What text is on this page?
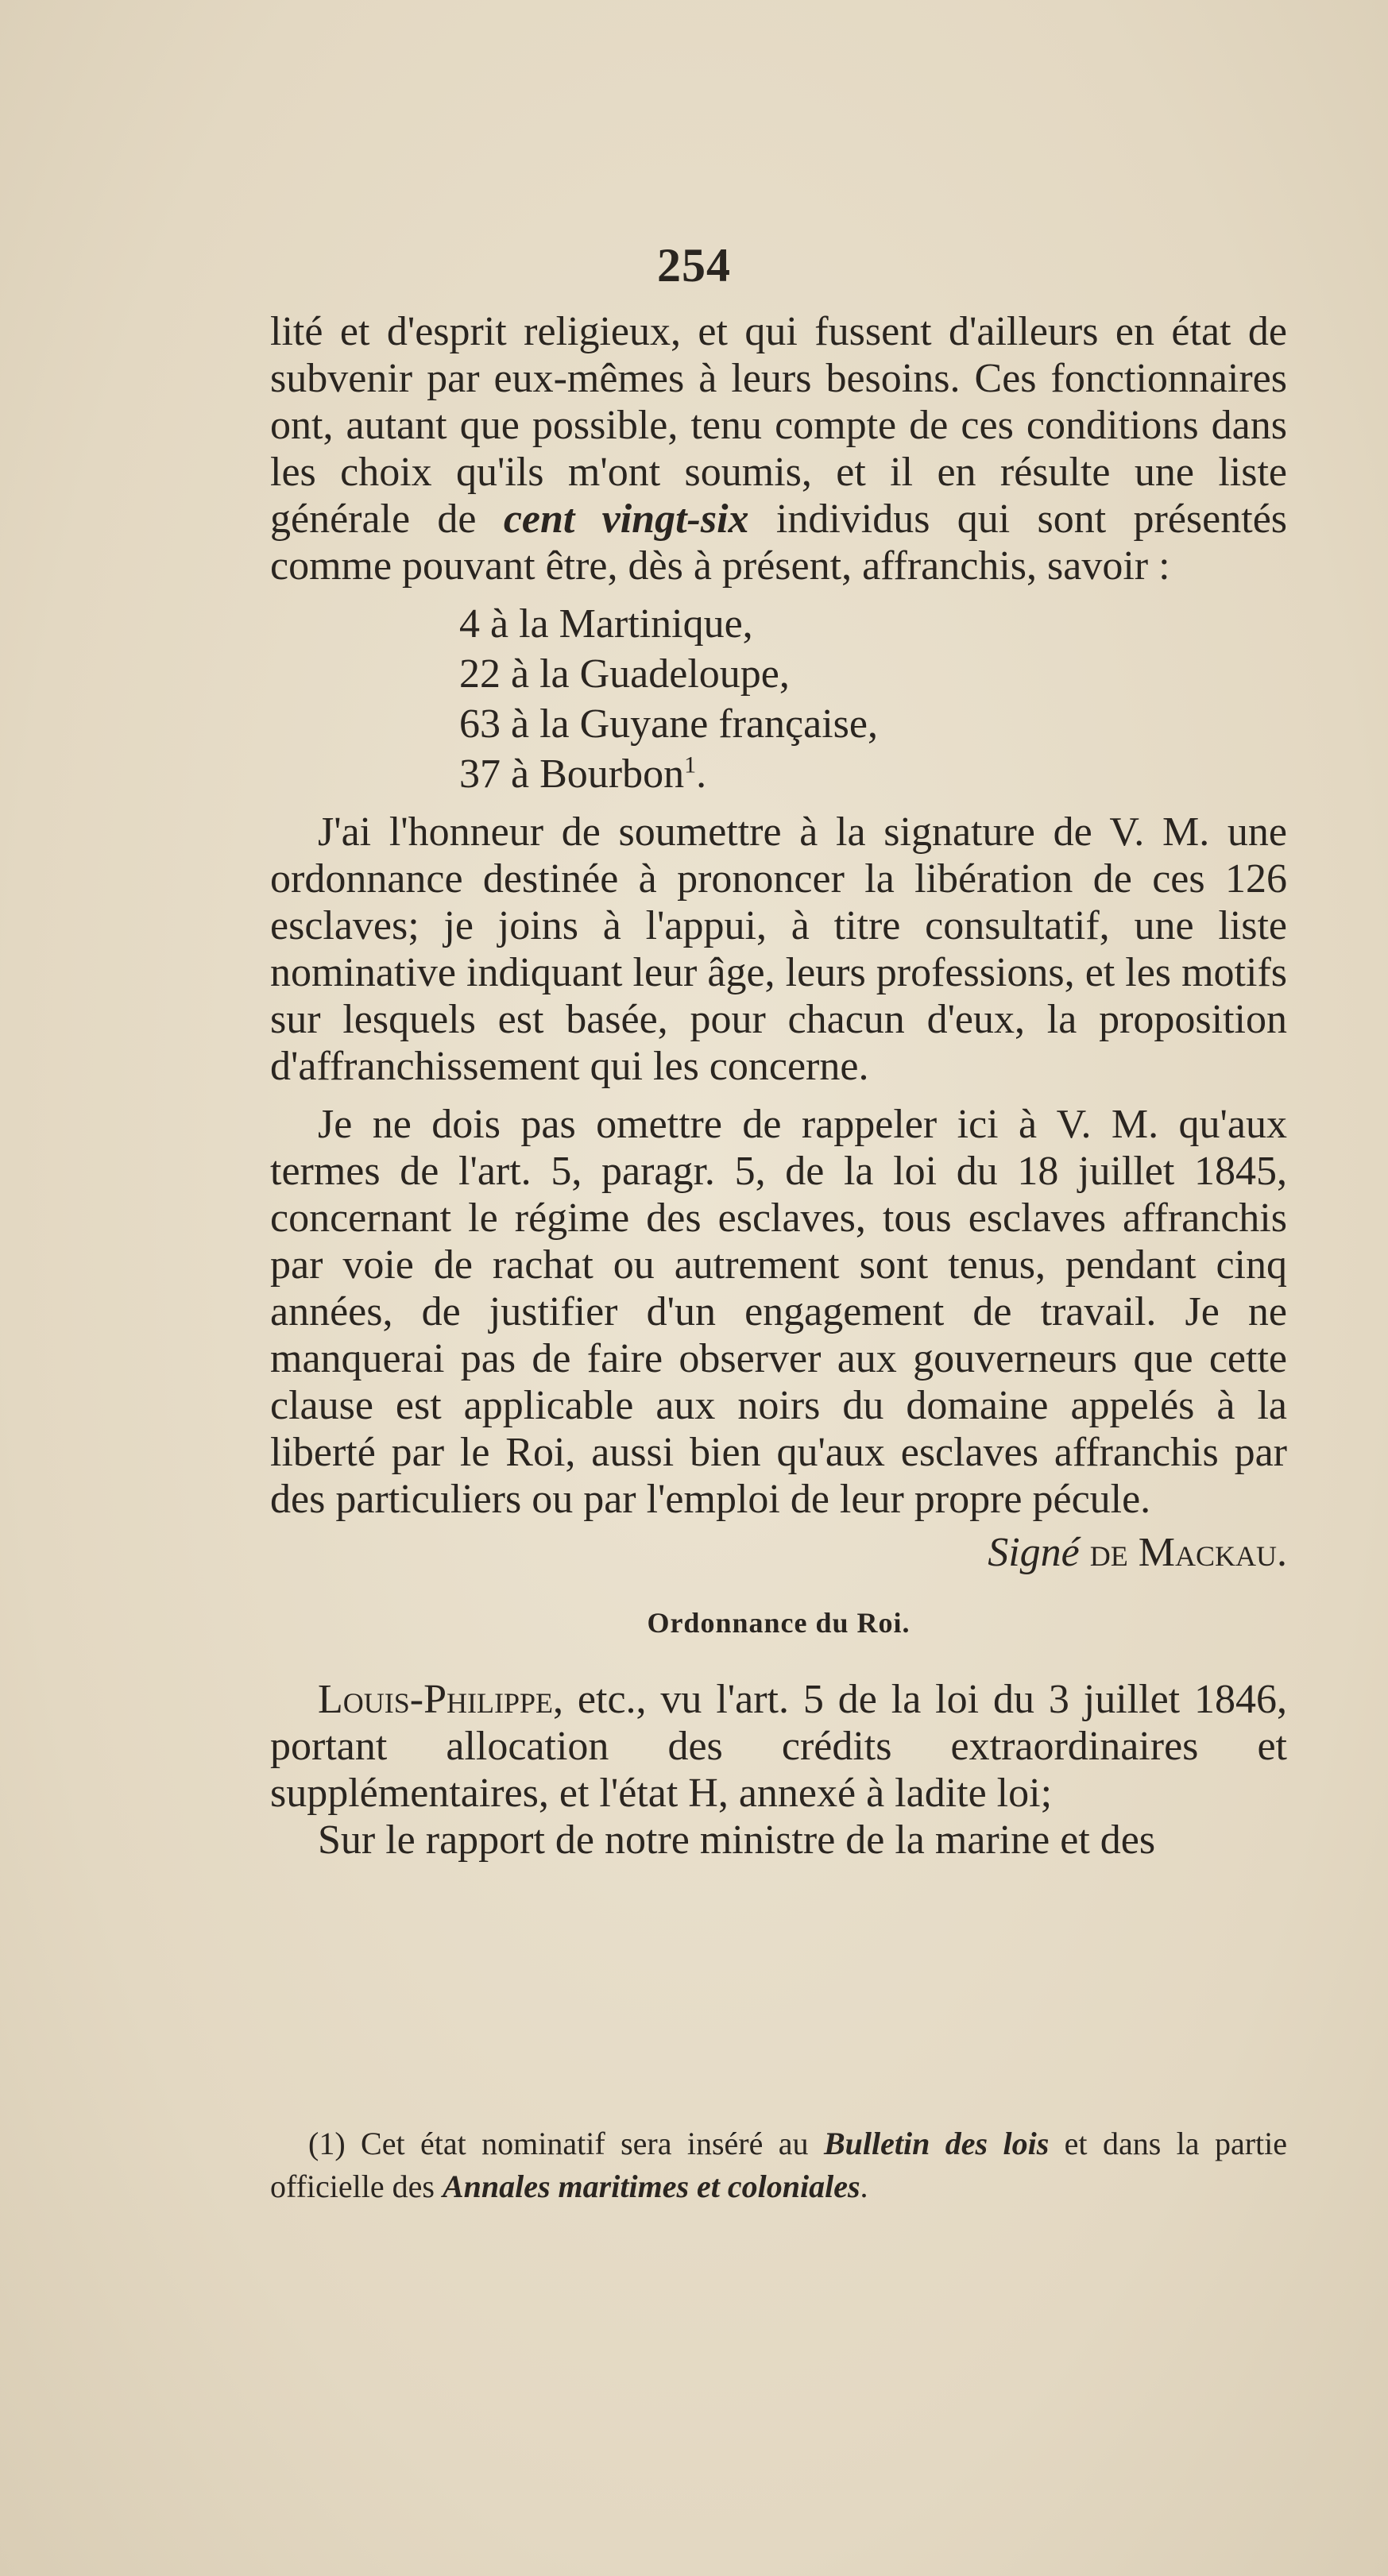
254

lité et d'esprit religieux, et qui fussent d'ailleurs en état de subvenir par eux-mêmes à leurs besoins. Ces fonctionnaires ont, autant que possible, tenu compte de ces conditions dans les choix qu'ils m'ont soumis, et il en résulte une liste générale de cent vingt-six individus qui sont présentés comme pouvant être, dès à présent, affranchis, savoir :

4 à la Martinique,
22 à la Guadeloupe,
63 à la Guyane française,
37 à Bourbon$^1$.

J'ai l'honneur de soumettre à la signature de V. M. une ordonnance destinée à prononcer la libération de ces 126 esclaves; je joins à l'appui, à titre consultatif, une liste nominative indiquant leur âge, leurs professions, et les motifs sur lesquels est basée, pour chacun d'eux, la proposition d'affranchissement qui les concerne.

Je ne dois pas omettre de rappeler ici à V. M. qu'aux termes de l'art. 5, paragr. 5, de la loi du 18 juillet 1845, concernant le régime des esclaves, tous esclaves affranchis par voie de rachat ou autrement sont tenus, pendant cinq années, de justifier d'un engagement de travail. Je ne manquerai pas de faire observer aux gouverneurs que cette clause est applicable aux noirs du domaine appelés à la liberté par le Roi, aussi bien qu'aux esclaves affranchis par des particuliers ou par l'emploi de leur propre pécule.

Signé de Mackau.

Ordonnance du Roi.

Louis-Philippe, etc., vu l'art. 5 de la loi du 3 juillet 1846, portant allocation des crédits extraordinaires et supplémentaires, et l'état H, annexé à ladite loi;

Sur le rapport de notre ministre de la marine et des

(1) Cet état nominatif sera inséré au Bulletin des lois et dans la partie officielle des Annales maritimes et coloniales.
